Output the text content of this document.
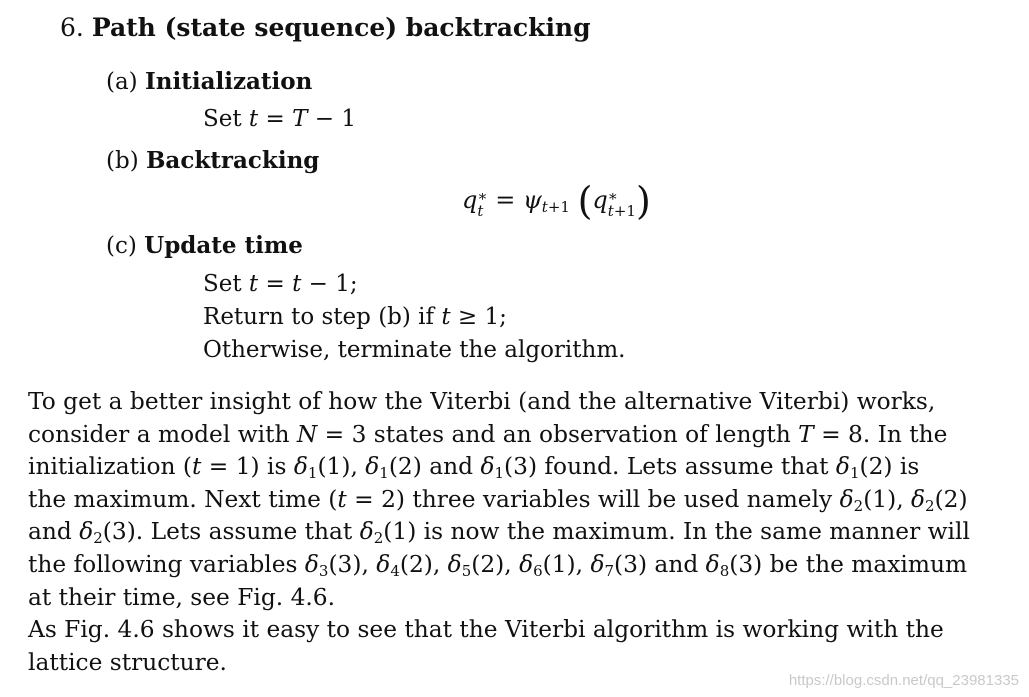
6. Path (state sequence) backtracking
(a) Initialization
Set t = T − 1
(b) Backtracking
q ∗
$t = \psi_{t+1}$ (q ∗
t+1 )
(c) Update time
Set t = t − 1;
Return to step (b) if t ≥ 1;
Otherwise, terminate the algorithm.
To get a better insight of how the Viterbi (and the alternative Viterbi) works,
consider a model with N = 3 states and an observation of length T = 8. In the
initialization (t = 1) is $\delta_1(1)$, $\delta_1(2)$ and $\delta_1(3)$ found. Lets assume that $\delta_1(2)$ is
the maximum. Next time (t = 2) three variables will be used namely $\delta_2(1)$, $\delta_2(2)$
and $\delta_2(3)$. Lets assume that $\delta_2(1)$ is now the maximum. In the same manner will
the following variables $\delta_3(3)$, $\delta_4(2)$, $\delta_5(2)$, $\delta_6(1)$, $\delta_7(3)$ and $\delta_8(3)$ be the maximum
at their time, see Fig. 4.6.
As Fig. 4.6 shows it easy to see that the Viterbi algorithm is working with the
lattice structure.
https://blog.csdn.net/qq_23981335
